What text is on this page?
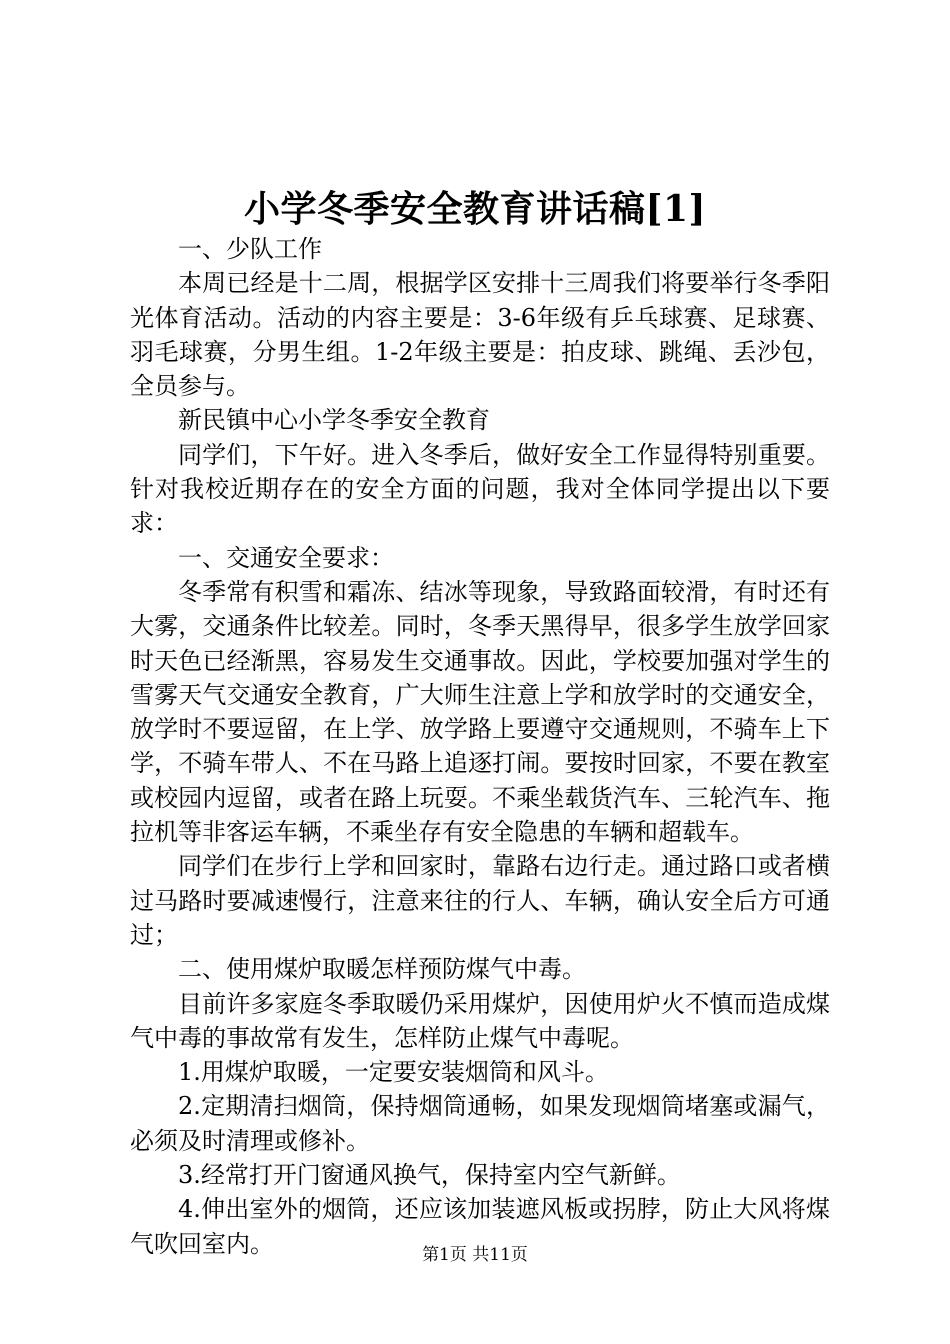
小学冬季安全教育讲话稿[1]

一、少队工作

本周已经是十二周，根据学区安排十三周我们将要举行冬季阳光体育活动。活动的内容主要是：3-6年级有乒乓球赛、足球赛、羽毛球赛，分男生组。1-2年级主要是：拍皮球、跳绳、丢沙包，全员参与。

新民镇中心小学冬季安全教育

同学们，下午好。进入冬季后，做好安全工作显得特别重要。针对我校近期存在的安全方面的问题，我对全体同学提出以下要求：

一、交通安全要求：

冬季常有积雪和霜冻、结冰等现象，导致路面较滑，有时还有大雾，交通条件比较差。同时，冬季天黑得早，很多学生放学回家时天色已经渐黑，容易发生交通事故。因此，学校要加强对学生的雪雾天气交通安全教育，广大师生注意上学和放学时的交通安全，放学时不要逗留，在上学、放学路上要遵守交通规则，不骑车上下学，不骑车带人、不在马路上追逐打闹。要按时回家，不要在教室或校园内逗留，或者在路上玩耍。不乘坐载货汽车、三轮汽车、拖拉机等非客运车辆，不乘坐存有安全隐患的车辆和超载车。

同学们在步行上学和回家时，靠路右边行走。通过路口或者横过马路时要减速慢行，注意来往的行人、车辆，确认安全后方可通过；

二、使用煤炉取暖怎样预防煤气中毒。

目前许多家庭冬季取暖仍采用煤炉，因使用炉火不慎而造成煤气中毒的事故常有发生，怎样防止煤气中毒呢。

1.用煤炉取暖，一定要安装烟筒和风斗。

2.定期清扫烟筒，保持烟筒通畅，如果发现烟筒堵塞或漏气，必须及时清理或修补。

3.经常打开门窗通风换气，保持室内空气新鲜。

4.伸出室外的烟筒，还应该加装遮风板或拐脖，防止大风将煤气吹回室内。	第1页 共11页
